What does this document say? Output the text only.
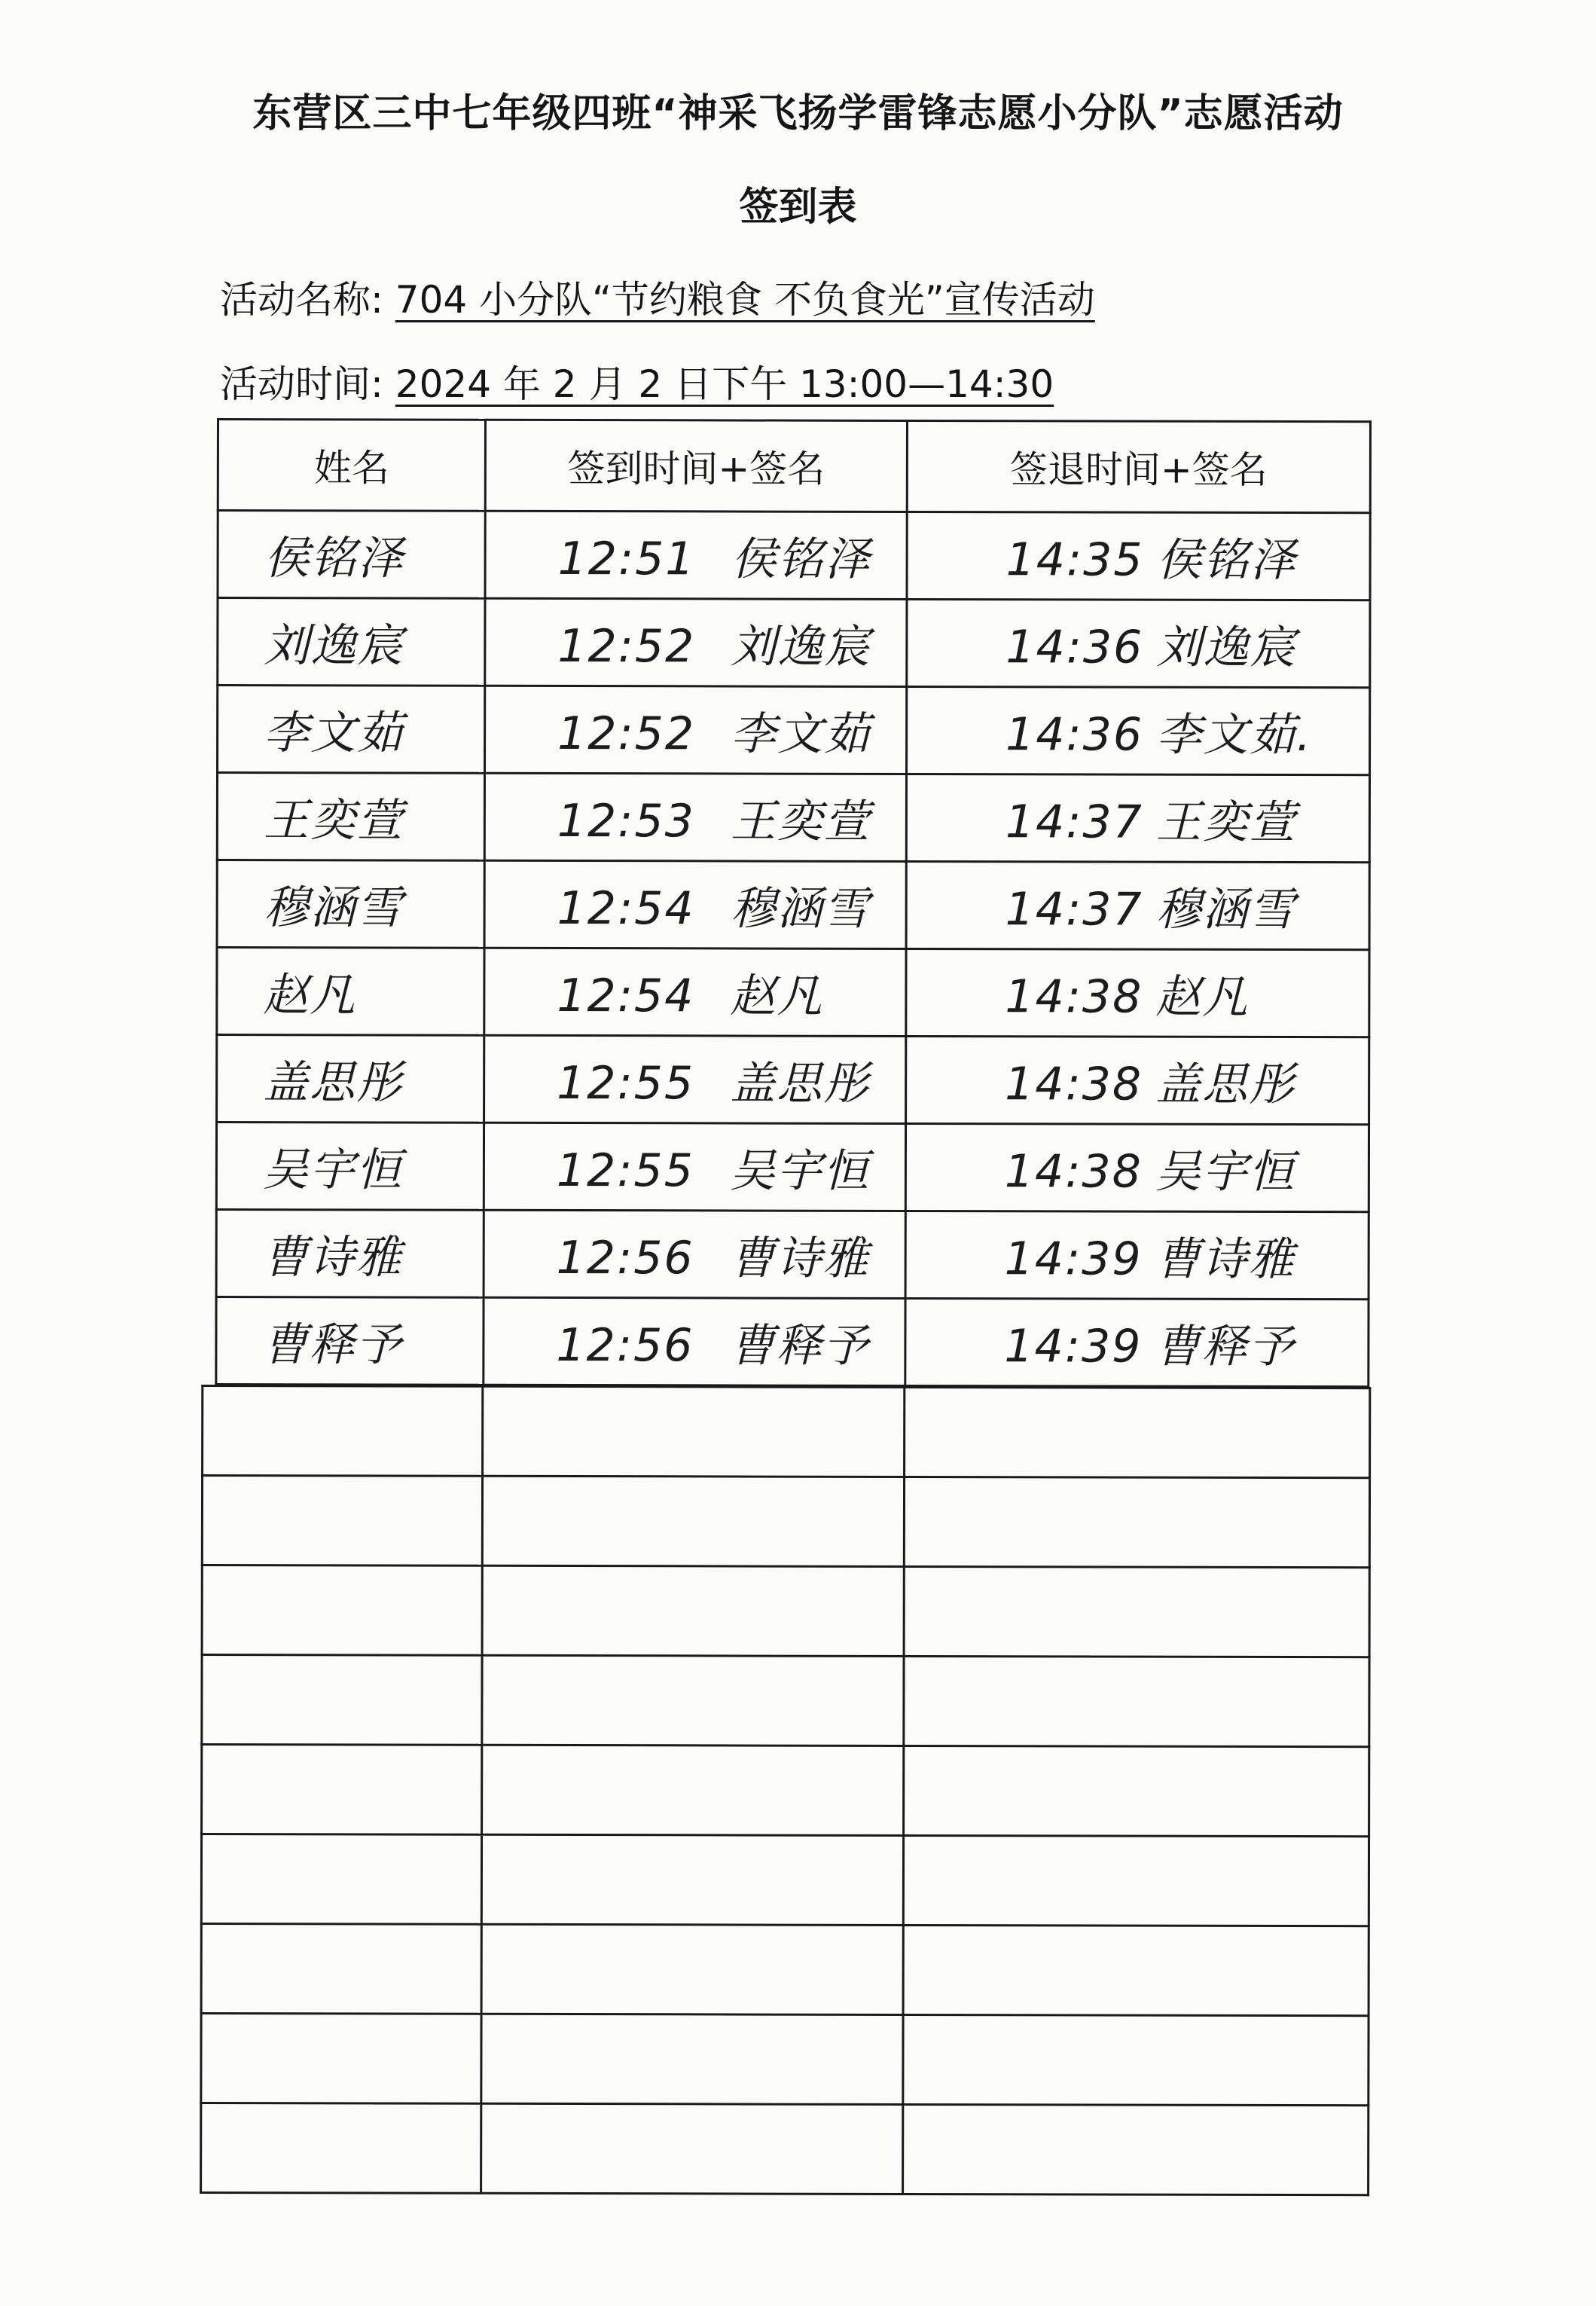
东营区三中七年级四班“神采飞扬学雷锋志愿小分队”志愿活动
签到表
活动名称: 704 小分队“节约粮食 不负食光”宣传活动
活动时间: 2024 年 2 月 2 日下午 13:00—14:30
姓名	签到时间+签名	签退时间+签名
侯铭泽	12:51 侯铭泽	14:35 侯铭泽
刘逸宸	12:52 刘逸宸	14:36 刘逸宸
李文茹	12:52 李文茹	14:36 李文茹.
王奕萱	12:53 王奕萱	14:37 王奕萱
穆涵雪	12:54 穆涵雪	14:37 穆涵雪
赵凡	12:54 赵凡	14:38 赵凡
盖思彤	12:55 盖思彤	14:38 盖思彤
吴宇恒	12:55 吴宇恒	14:38 吴宇恒
曹诗雅	12:56 曹诗雅	14:39 曹诗雅
曹释予	12:56 曹释予	14:39 曹释予
